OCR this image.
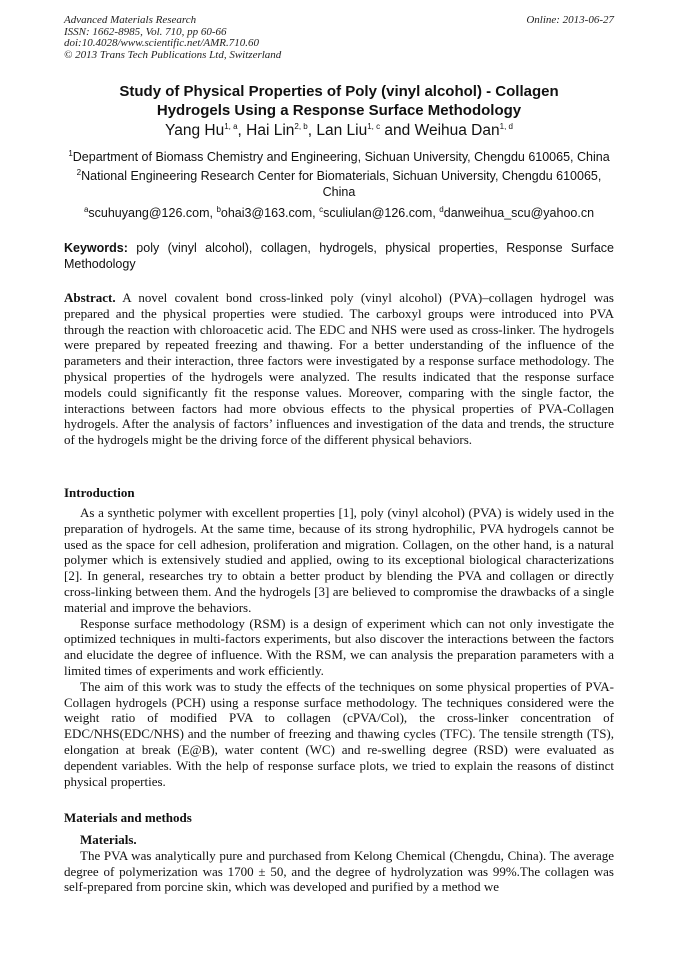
Advanced Materials Research
ISSN: 1662-8985, Vol. 710, pp 60-66
doi:10.4028/www.scientific.net/AMR.710.60
© 2013 Trans Tech Publications Ltd, Switzerland
Online: 2013-06-27
Study of Physical Properties of Poly (vinyl alcohol) - Collagen
Hydrogels Using a Response Surface Methodology
Yang Hu$^{1, a}$, Hai Lin$^{2, b}$, Lan Liu$^{1, c}$ and Weihua Dan$^{1, d}$
$^1$Department of Biomass Chemistry and Engineering, Sichuan University, Chengdu 610065, China
$^2$National Engineering Research Center for Biomaterials, Sichuan University, Chengdu 610065, China
$^a$scuhuyang@126.com, $^b$ohai3@163.com, $^c$sculiulan@126.com, $^d$danweihua_scu@yahoo.cn
Keywords: poly (vinyl alcohol), collagen, hydrogels, physical properties, Response Surface Methodology

Abstract. A novel covalent bond cross-linked poly (vinyl alcohol) (PVA)–collagen hydrogel was prepared and the physical properties were studied. The carboxyl groups were introduced into PVA through the reaction with chloroacetic acid. The EDC and NHS were used as cross-linker. The hydrogels were prepared by repeated freezing and thawing. For a better understanding of the influence of the parameters and their interaction, three factors were investigated by a response surface methodology. The physical properties of the hydrogels were analyzed. The results indicated that the response surface models could significantly fit the response values. Moreover, comparing with the single factor, the interactions between factors had more obvious effects to the physical properties of PVA-Collagen hydrogels. After the analysis of factors’ influences and investigation of the data and trends, the structure of the hydrogels might be the driving force of the different physical behaviors.

Introduction

As a synthetic polymer with excellent properties [1], poly (vinyl alcohol) (PVA) is widely used in the preparation of hydrogels. At the same time, because of its strong hydrophilic, PVA hydrogels cannot be used as the space for cell adhesion, proliferation and migration. Collagen, on the other hand, is a natural polymer which is extensively studied and applied, owing to its exceptional biological characterizations [2]. In general, researches try to obtain a better product by blending the PVA and collagen or directly cross-linking between them. And the hydrogels [3] are believed to compromise the drawbacks of a single material and improve the behaviors.

Response surface methodology (RSM) is a design of experiment which can not only investigate the optimized techniques in multi-factors experiments, but also discover the interactions between the factors and elucidate the degree of influence. With the RSM, we can analysis the preparation parameters with a limited times of experiments and work efficiently.

The aim of this work was to study the effects of the techniques on some physical properties of PVA-Collagen hydrogels (PCH) using a response surface methodology. The techniques considered were the weight ratio of modified PVA to collagen (cPVA/Col), the cross-linker concentration of EDC/NHS(EDC/NHS) and the number of freezing and thawing cycles (TFC). The tensile strength (TS), elongation at break (E@B), water content (WC) and re-swelling degree (RSD) were evaluated as dependent variables. With the help of response surface plots, we tried to explain the reasons of distinct physical properties.

Materials and methods

Materials.

The PVA was analytically pure and purchased from Kelong Chemical (Chengdu, China). The average degree of polymerization was 1700 ± 50, and the degree of hydrolyzation was 99%.The collagen was self-prepared from porcine skin, which was developed and purified by a method we
